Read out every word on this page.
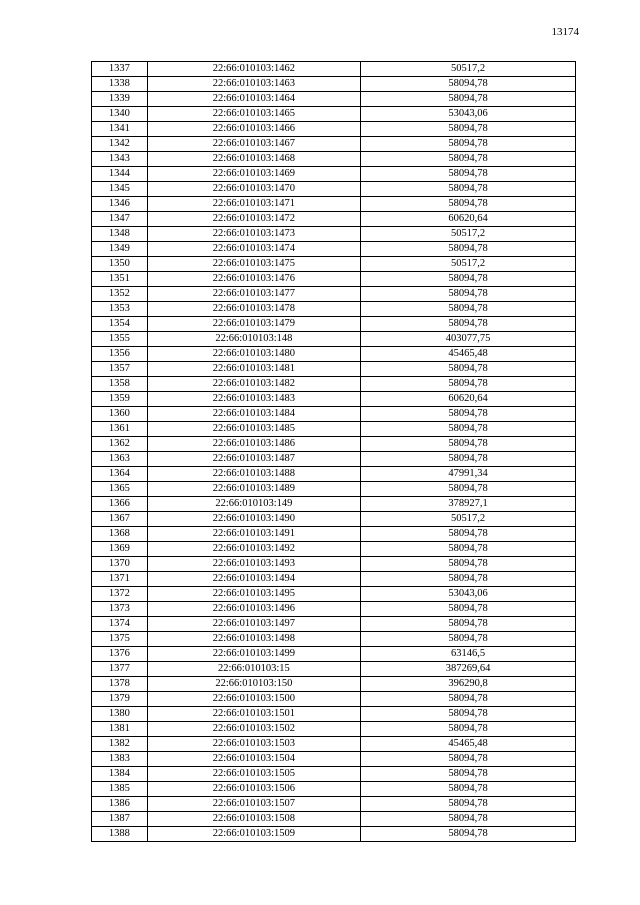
13174
1337	22:66:010103:1462	50517,2
1338	22:66:010103:1463	58094,78
1339	22:66:010103:1464	58094,78
1340	22:66:010103:1465	53043,06
1341	22:66:010103:1466	58094,78
1342	22:66:010103:1467	58094,78
1343	22:66:010103:1468	58094,78
1344	22:66:010103:1469	58094,78
1345	22:66:010103:1470	58094,78
1346	22:66:010103:1471	58094,78
1347	22:66:010103:1472	60620,64
1348	22:66:010103:1473	50517,2
1349	22:66:010103:1474	58094,78
1350	22:66:010103:1475	50517,2
1351	22:66:010103:1476	58094,78
1352	22:66:010103:1477	58094,78
1353	22:66:010103:1478	58094,78
1354	22:66:010103:1479	58094,78
1355	22:66:010103:148	403077,75
1356	22:66:010103:1480	45465,48
1357	22:66:010103:1481	58094,78
1358	22:66:010103:1482	58094,78
1359	22:66:010103:1483	60620,64
1360	22:66:010103:1484	58094,78
1361	22:66:010103:1485	58094,78
1362	22:66:010103:1486	58094,78
1363	22:66:010103:1487	58094,78
1364	22:66:010103:1488	47991,34
1365	22:66:010103:1489	58094,78
1366	22:66:010103:149	378927,1
1367	22:66:010103:1490	50517,2
1368	22:66:010103:1491	58094,78
1369	22:66:010103:1492	58094,78
1370	22:66:010103:1493	58094,78
1371	22:66:010103:1494	58094,78
1372	22:66:010103:1495	53043,06
1373	22:66:010103:1496	58094,78
1374	22:66:010103:1497	58094,78
1375	22:66:010103:1498	58094,78
1376	22:66:010103:1499	63146,5
1377	22:66:010103:15	387269,64
1378	22:66:010103:150	396290,8
1379	22:66:010103:1500	58094,78
1380	22:66:010103:1501	58094,78
1381	22:66:010103:1502	58094,78
1382	22:66:010103:1503	45465,48
1383	22:66:010103:1504	58094,78
1384	22:66:010103:1505	58094,78
1385	22:66:010103:1506	58094,78
1386	22:66:010103:1507	58094,78
1387	22:66:010103:1508	58094,78
1388	22:66:010103:1509	58094,78
